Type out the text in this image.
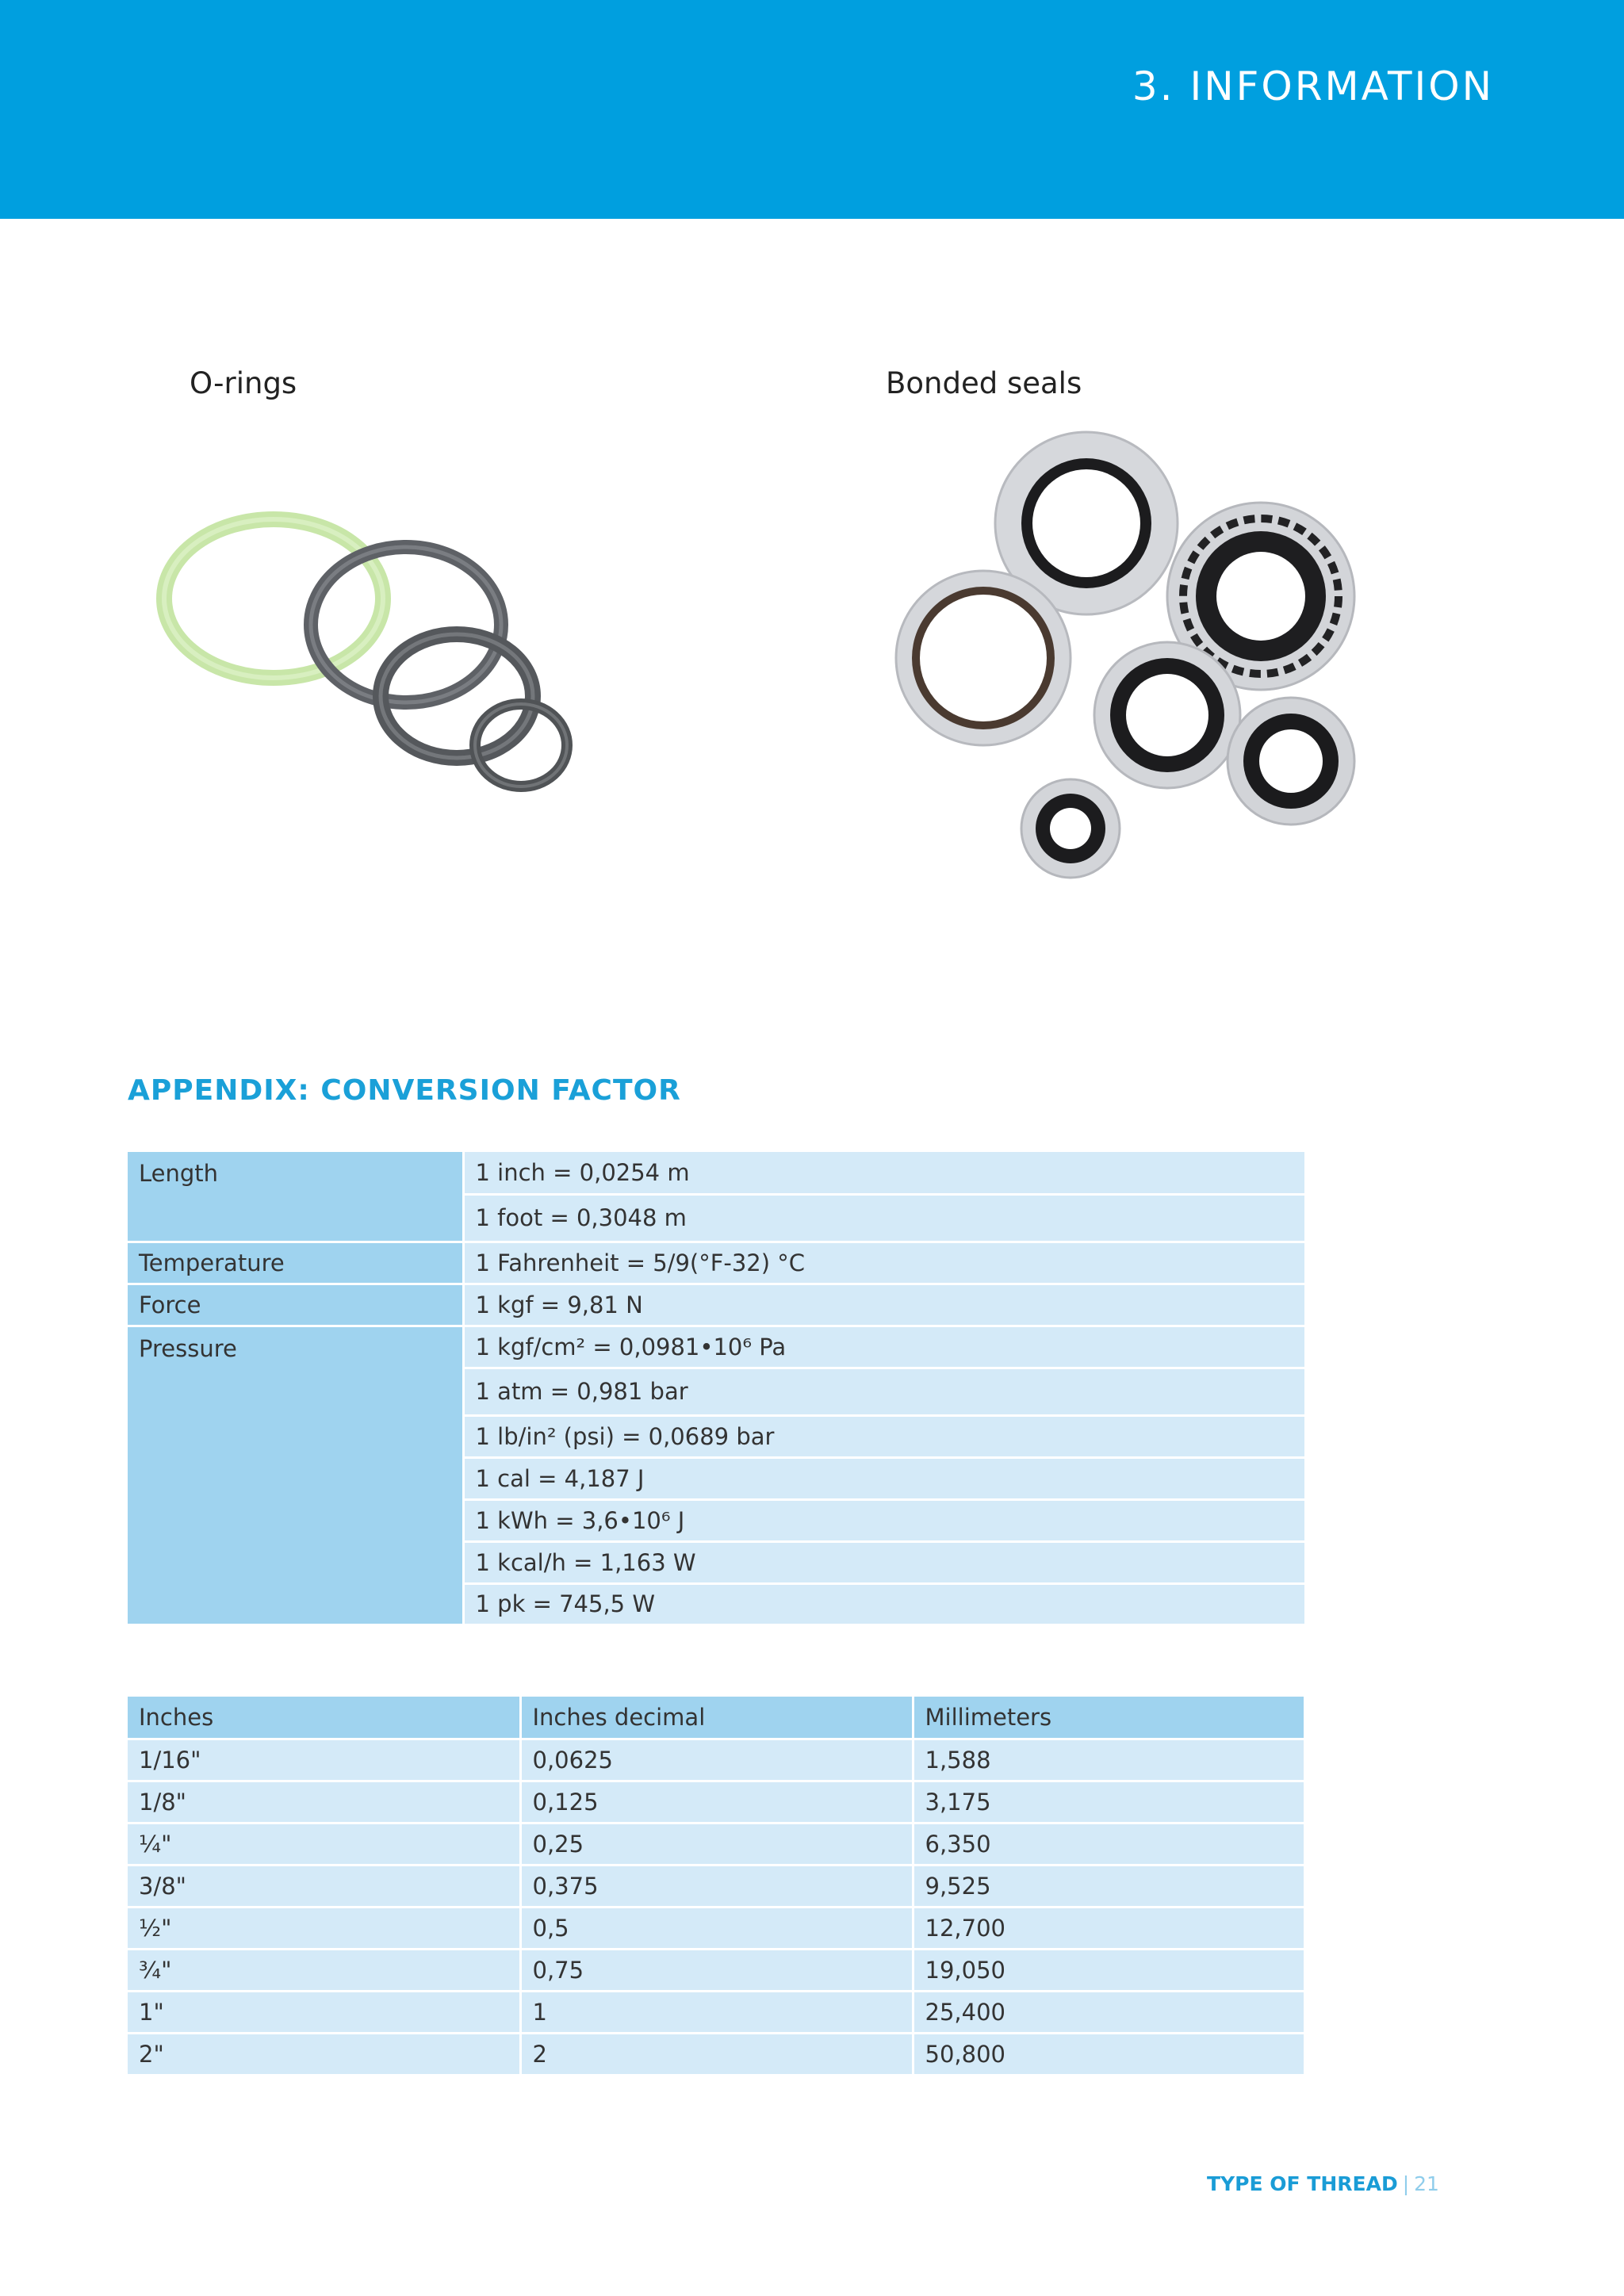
3. INFORMATION
O-rings	Bonded seals
APPENDIX: CONVERSION FACTOR
Length	1 inch = 0,0254 m
	1 foot = 0,3048 m
Temperature	1 Fahrenheit = 5/9(°F-32) °C
Force	1 kgf = 9,81 N
Pressure	1 kgf/cm² = 0,0981•10⁶ Pa
	1 atm = 0,981 bar
	1 lb/in² (psi) = 0,0689 bar
	1 cal = 4,187 J
	1 kWh = 3,6•10⁶ J
	1 kcal/h = 1,163 W
	1 pk = 745,5 W
Inches	Inches decimal	Millimeters
1/16"	0,0625	1,588
1/8"	0,125	3,175
¼"	0,25	6,350
3/8"	0,375	9,525
½"	0,5	12,700
¾"	0,75	19,050
1"	1	25,400
2"	2	50,800
TYPE OF THREAD | 21
